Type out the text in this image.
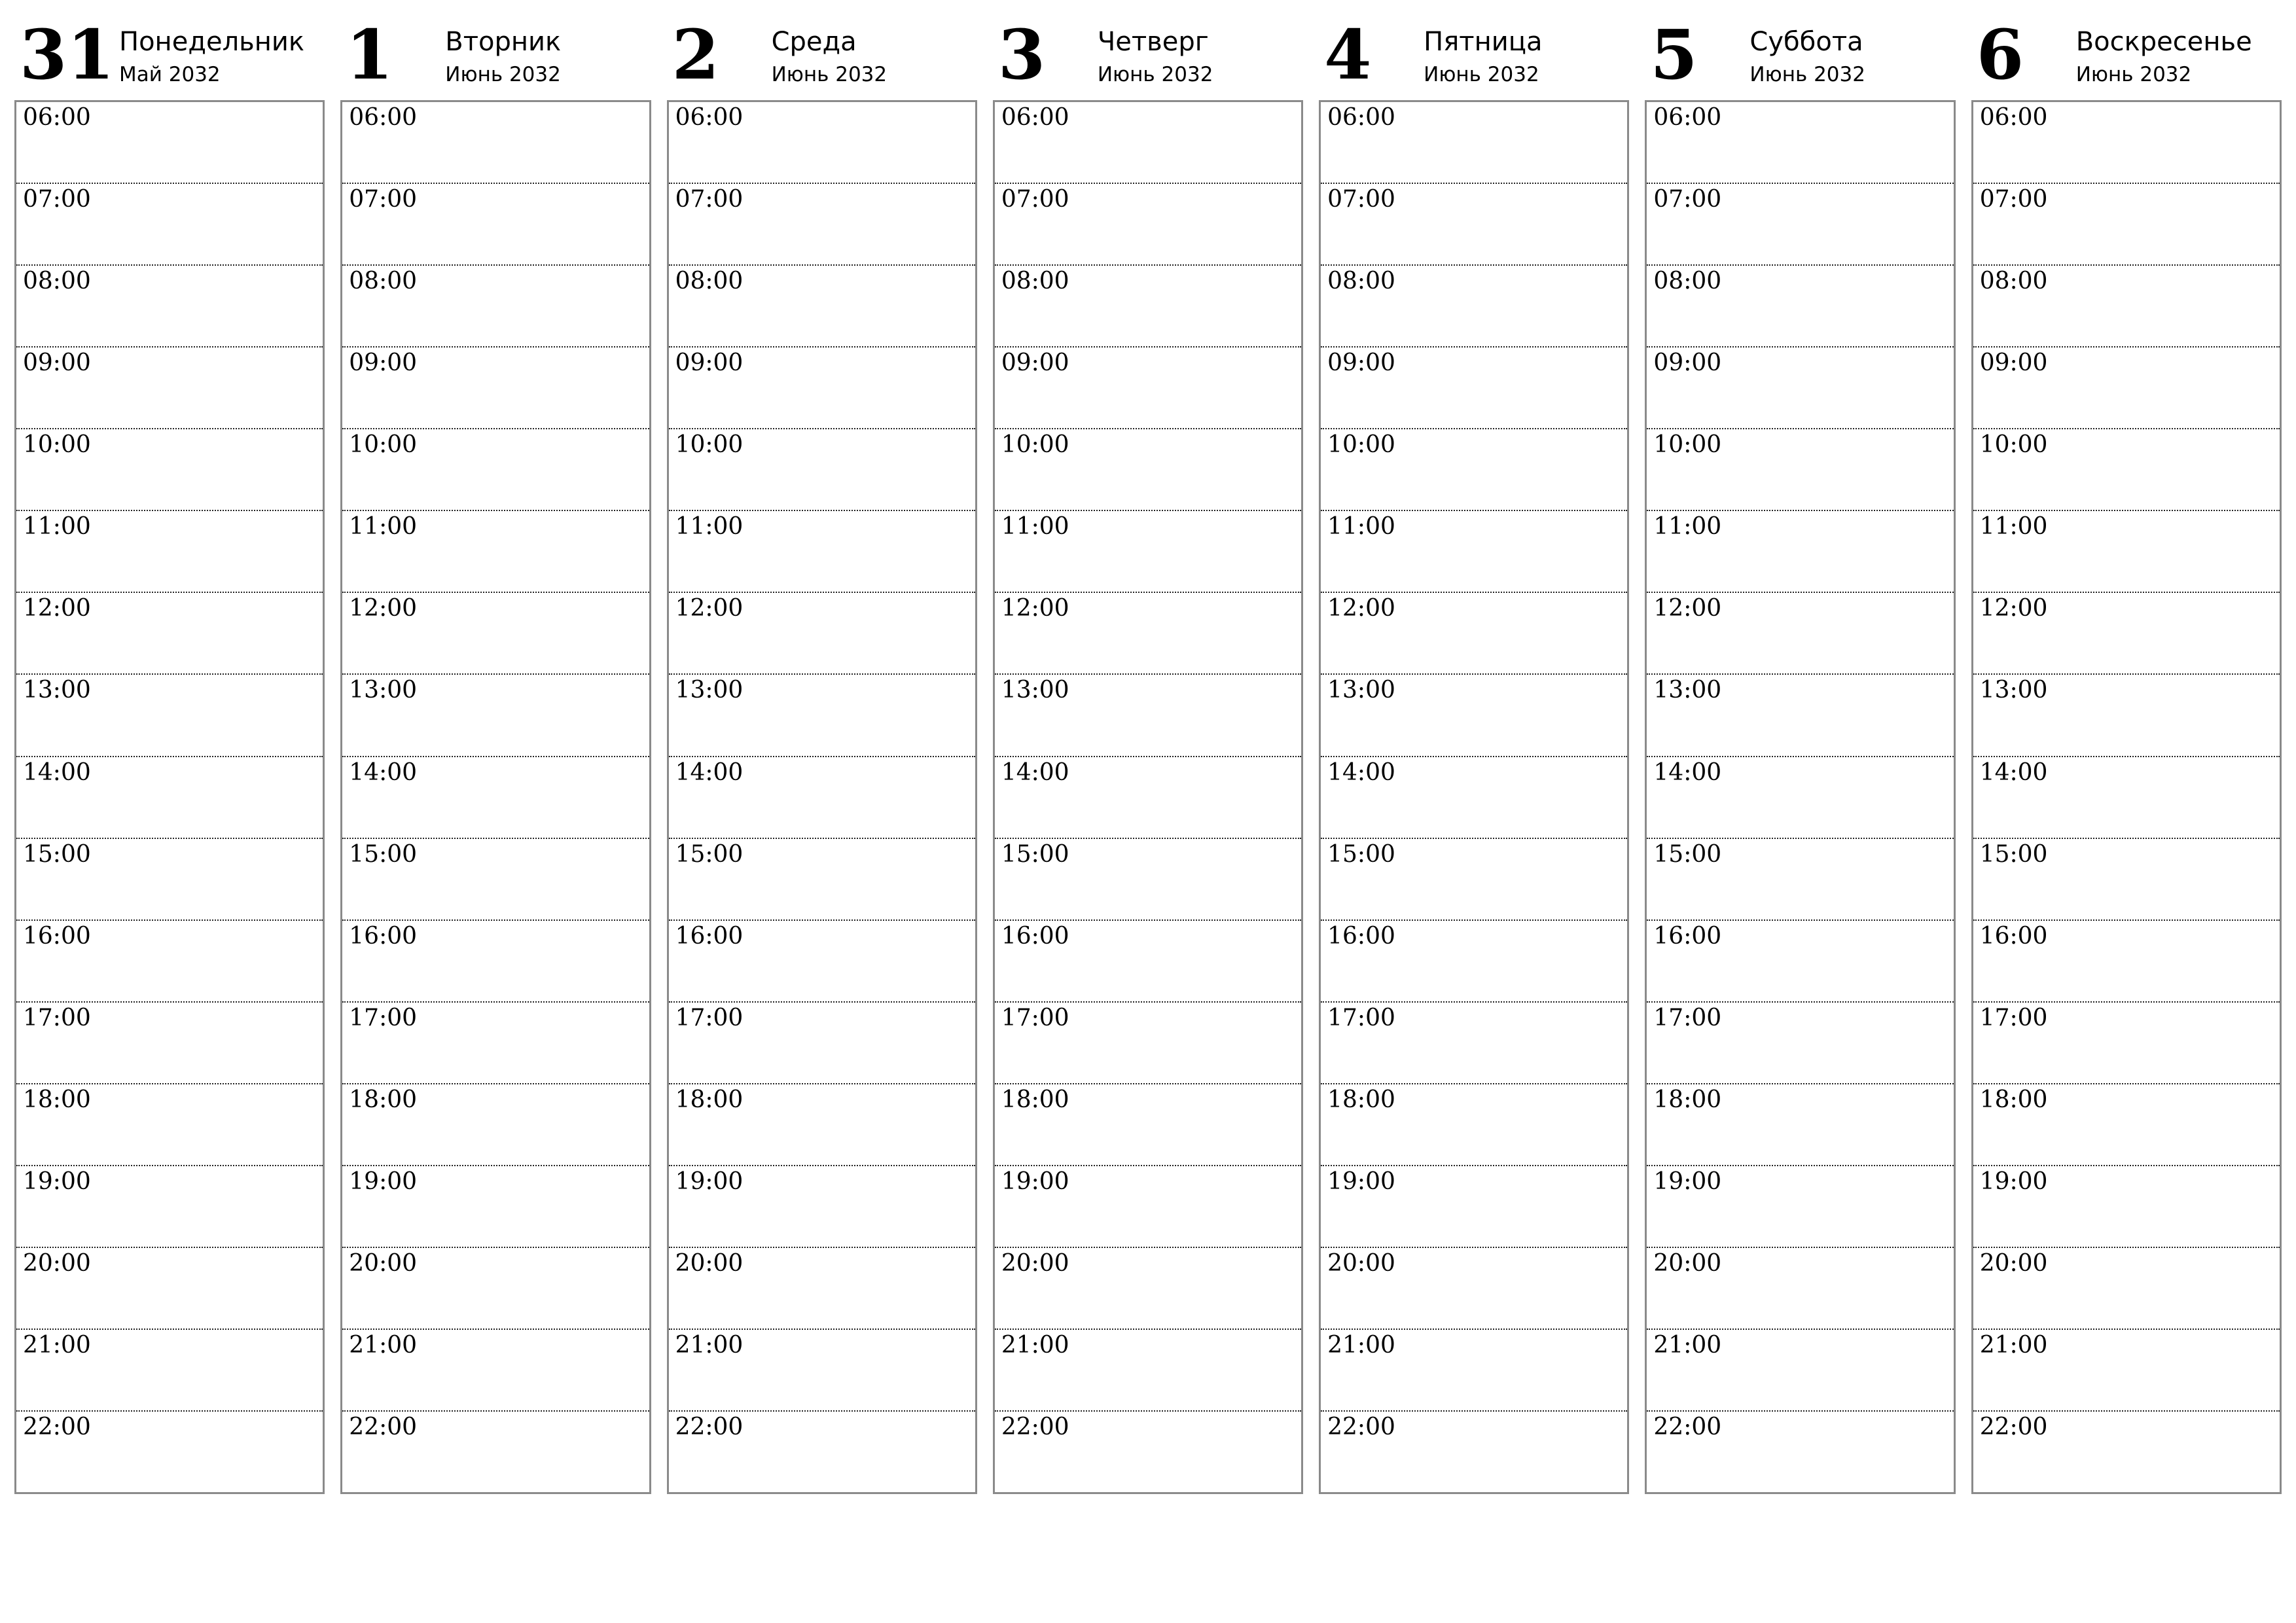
31 Понедельник
Май 2032
06:00
07:00
08:00
09:00
10:00
11:00
12:00
13:00
14:00
15:00
16:00
17:00
18:00
19:00
20:00
21:00
22:00
1 Вторник
Июнь 2032
06:00
07:00
08:00
09:00
10:00
11:00
12:00
13:00
14:00
15:00
16:00
17:00
18:00
19:00
20:00
21:00
22:00
2 Среда
Июнь 2032
06:00
07:00
08:00
09:00
10:00
11:00
12:00
13:00
14:00
15:00
16:00
17:00
18:00
19:00
20:00
21:00
22:00
3 Четверг
Июнь 2032
06:00
07:00
08:00
09:00
10:00
11:00
12:00
13:00
14:00
15:00
16:00
17:00
18:00
19:00
20:00
21:00
22:00
4 Пятница
Июнь 2032
06:00
07:00
08:00
09:00
10:00
11:00
12:00
13:00
14:00
15:00
16:00
17:00
18:00
19:00
20:00
21:00
22:00
5 Суббота
Июнь 2032
06:00
07:00
08:00
09:00
10:00
11:00
12:00
13:00
14:00
15:00
16:00
17:00
18:00
19:00
20:00
21:00
22:00
6 Воскресенье
Июнь 2032
06:00
07:00
08:00
09:00
10:00
11:00
12:00
13:00
14:00
15:00
16:00
17:00
18:00
19:00
20:00
21:00
22:00
